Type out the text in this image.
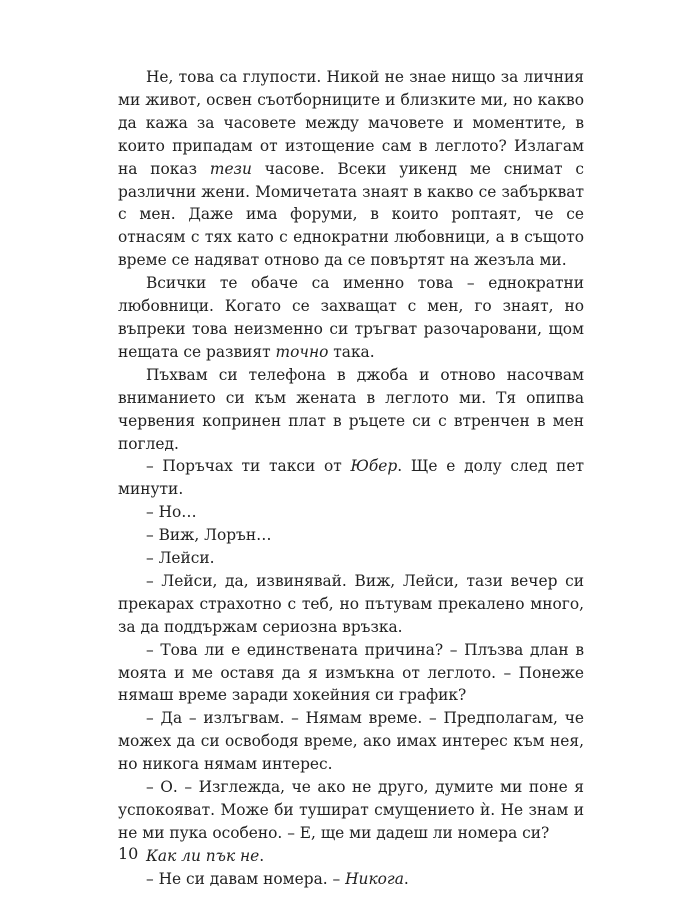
Не, това са глупости. Никой не знае нищо за личния ми живот, освен съотборниците и близките ми, но какво да кажа за часовете между мачовете и моментите, в които припадам от изтощение сам в леглото? Излагам на показ тези часове. Всеки уикенд ме снимат с различни жени. Момичетата знаят в какво се забъркват с мен. Даже има форуми, в които роптаят, че се отнасям с тях като с еднократни любовници, а в същото време се надяват отново да се повъртят на жезъла ми.

Всички те обаче са именно това – еднократни любовници. Когато се захващат с мен, го знаят, но въпреки това неизменно си тръгват разочаровани, щом нещата се развият точно така.

Пъхвам си телефона в джоба и отново насочвам вниманието си към жената в леглото ми. Тя опипва червения копринен плат в ръцете си с втренчен в мен поглед.

– Поръчах ти такси от Юбер. Ще е долу след пет минути.

– Но…

– Виж, Лорън…

– Лейси.

– Лейси, да, извинявай. Виж, Лейси, тази вечер си прекарах страхотно с теб, но пътувам прекалено много, за да поддържам сериозна връзка.

– Това ли е единствената причина? – Плъзва длан в моята и ме оставя да я измъкна от леглото. – Понеже нямаш време заради хокейния си график?

– Да – излъгвам. – Нямам време. – Предполагам, че можех да си освободя време, ако имах интерес към нея, но никога нямам интерес.

– О. – Изглежда, че ако не друго, думите ми поне я успокояват. Може би тушират смущението ѝ. Не знам и не ми пука особено. – Е, ще ми дадеш ли номера си?

Как ли пък не.

– Не си давам номера. – Никога.

10
